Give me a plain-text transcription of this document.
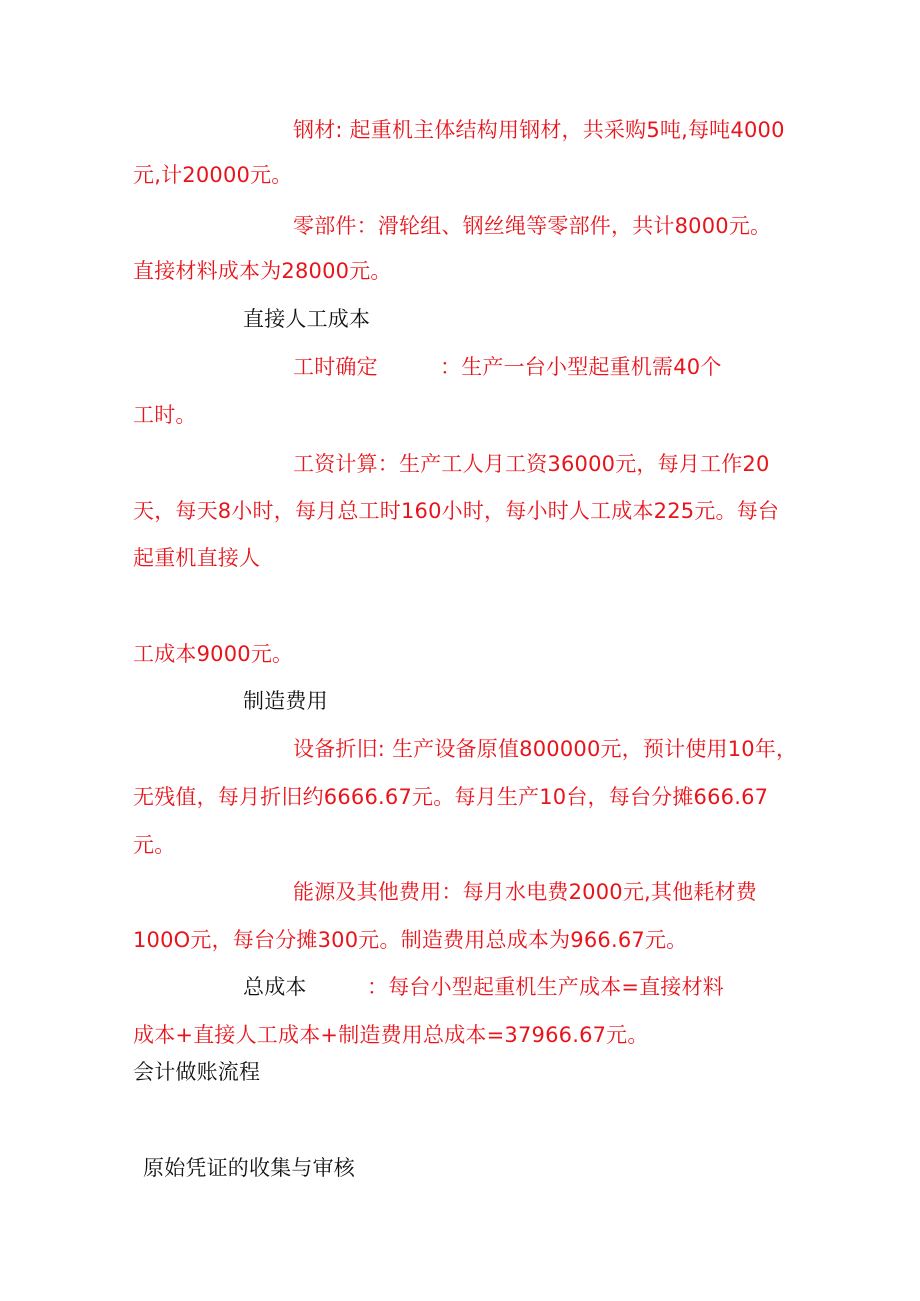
钢材: 起重机主体结构用钢材，共采购5吨,每吨4000
元,计20000元。
零部件：滑轮组、钢丝绳等零部件，共计8000元。
直接材料成本为28000元。
直接人工成本
工时确定	：生产一台小型起重机需40个
工时。
工资计算：生产工人月工资36000元，每月工作20
天，每天8小时，每月总工时160小时，每小时人工成本225元。每台
起重机直接人
工成本9000元。
制造费用
设备折旧: 生产设备原值800000元，预计使用10年，
无残值，每月折旧约6666.67元。每月生产10台，每台分摊666.67
元。
能源及其他费用：每月水电费2000元,其他耗材费
100O元，每台分摊300元。制造费用总成本为966.67元。
总成本	：每台小型起重机生产成本=直接材料
成本+直接人工成本+制造费用总成本=37966.67元。
会计做账流程
原始凭证的收集与审核
